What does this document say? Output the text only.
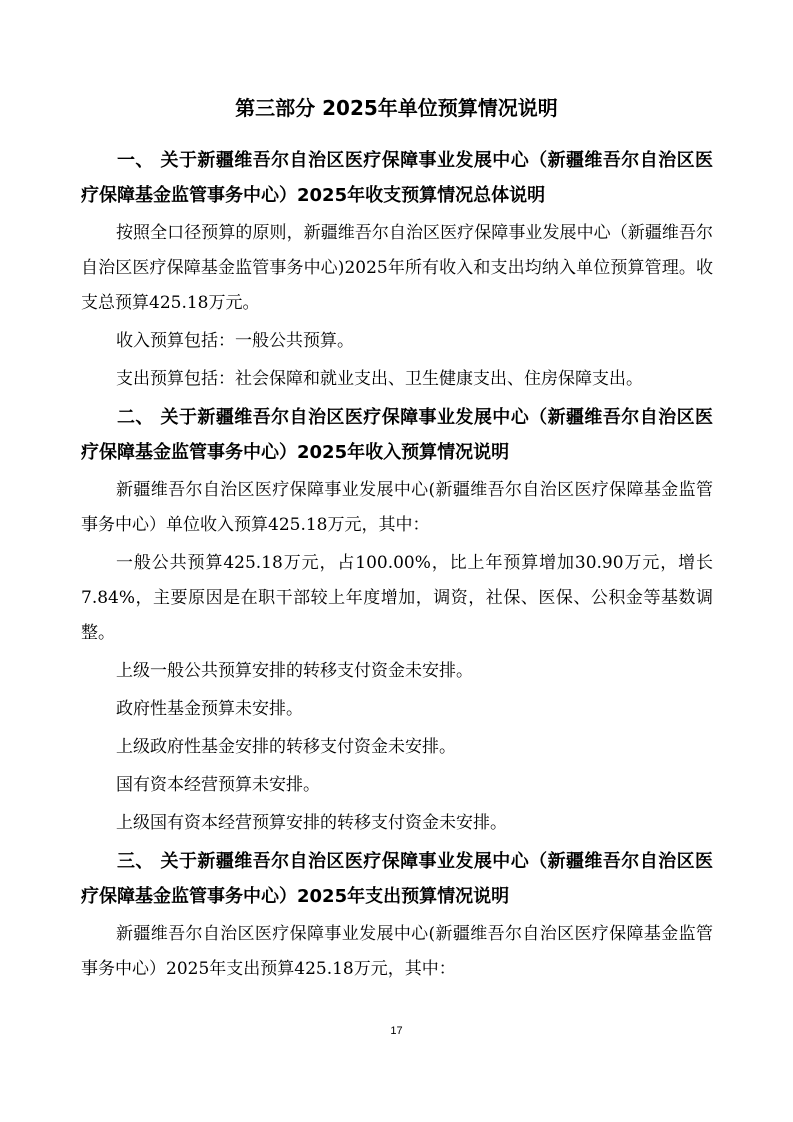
第三部分 2025年单位预算情况说明
一、 关于新疆维吾尔自治区医疗保障事业发展中心（新疆维吾尔自治区医疗保障基金监管事务中心）2025年收支预算情况总体说明

按照全口径预算的原则，新疆维吾尔自治区医疗保障事业发展中心（新疆维吾尔自治区医疗保障基金监管事务中心)2025年所有收入和支出均纳入单位预算管理。收支总预算425.18万元。

收入预算包括：一般公共预算。

支出预算包括：社会保障和就业支出、卫生健康支出、住房保障支出。

二、 关于新疆维吾尔自治区医疗保障事业发展中心（新疆维吾尔自治区医疗保障基金监管事务中心）2025年收入预算情况说明

新疆维吾尔自治区医疗保障事业发展中心(新疆维吾尔自治区医疗保障基金监管事务中心）单位收入预算425.18万元，其中：

一般公共预算425.18万元，占100.00%，比上年预算增加30.90万元，增长7.84%，主要原因是在职干部较上年度增加，调资，社保、医保、公积金等基数调整。

上级一般公共预算安排的转移支付资金未安排。

政府性基金预算未安排。

上级政府性基金安排的转移支付资金未安排。

国有资本经营预算未安排。

上级国有资本经营预算安排的转移支付资金未安排。

三、 关于新疆维吾尔自治区医疗保障事业发展中心（新疆维吾尔自治区医疗保障基金监管事务中心）2025年支出预算情况说明

新疆维吾尔自治区医疗保障事业发展中心(新疆维吾尔自治区医疗保障基金监管事务中心）2025年支出预算425.18万元，其中：

17
